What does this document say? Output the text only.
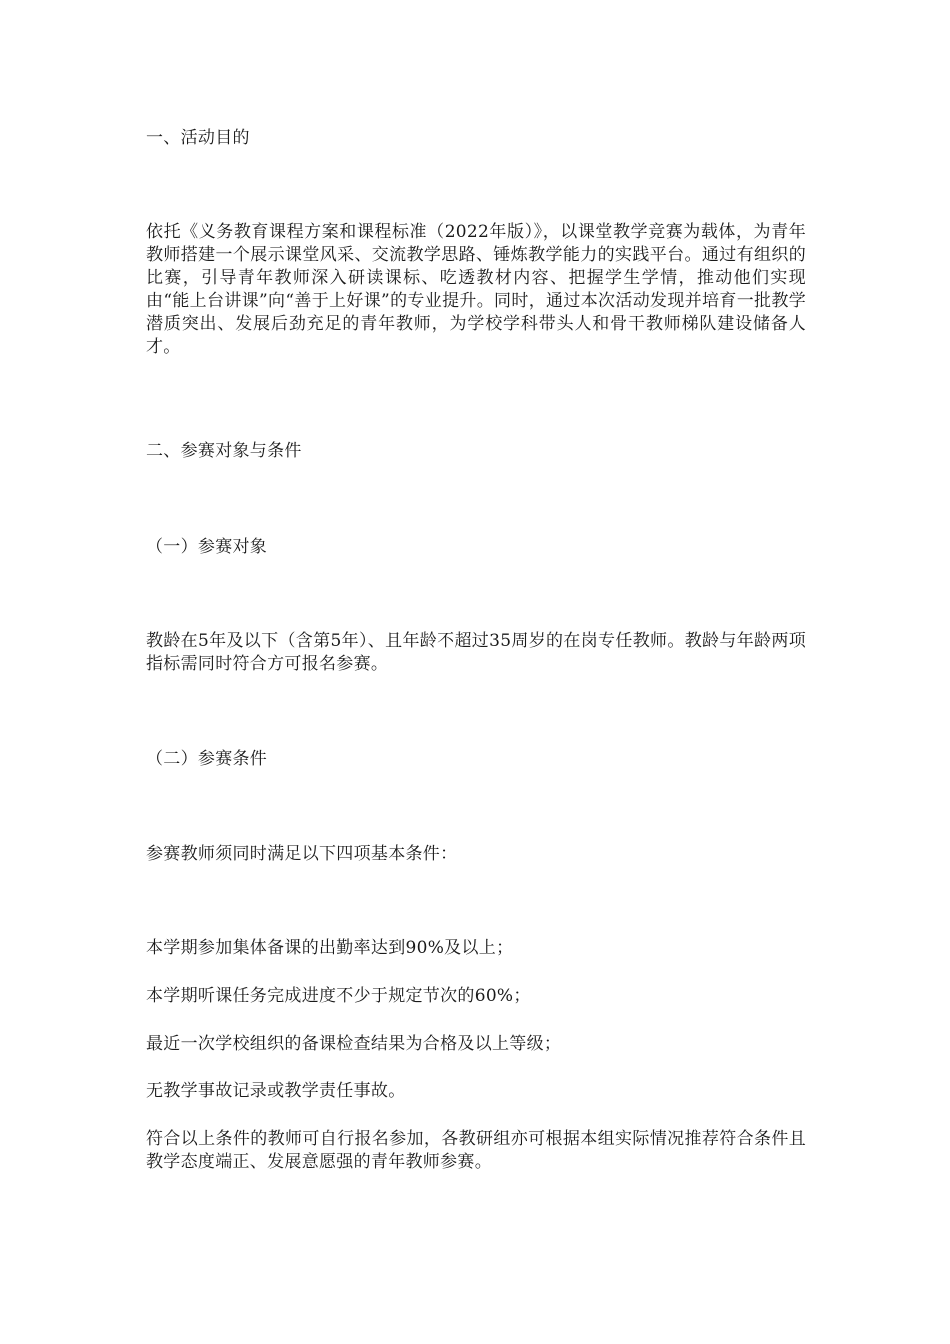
一、活动目的

依托《义务教育课程方案和课程标准（2022年版）》，以课堂教学竞赛为载体，为青年教师搭建一个展示课堂风采、交流教学思路、锤炼教学能力的实践平台。通过有组织的比赛，引导青年教师深入研读课标、吃透教材内容、把握学生学情，推动他们实现由“能上台讲课”向“善于上好课”的专业提升。同时，通过本次活动发现并培育一批教学潜质突出、发展后劲充足的青年教师，为学校学科带头人和骨干教师梯队建设储备人才。

二、参赛对象与条件

（一）参赛对象

教龄在5年及以下（含第5年）、且年龄不超过35周岁的在岗专任教师。教龄与年龄两项指标需同时符合方可报名参赛。

（二）参赛条件

参赛教师须同时满足以下四项基本条件：

本学期参加集体备课的出勤率达到90%及以上；

本学期听课任务完成进度不少于规定节次的60%；

最近一次学校组织的备课检查结果为合格及以上等级；

无教学事故记录或教学责任事故。

符合以上条件的教师可自行报名参加，各教研组亦可根据本组实际情况推荐符合条件且教学态度端正、发展意愿强的青年教师参赛。
